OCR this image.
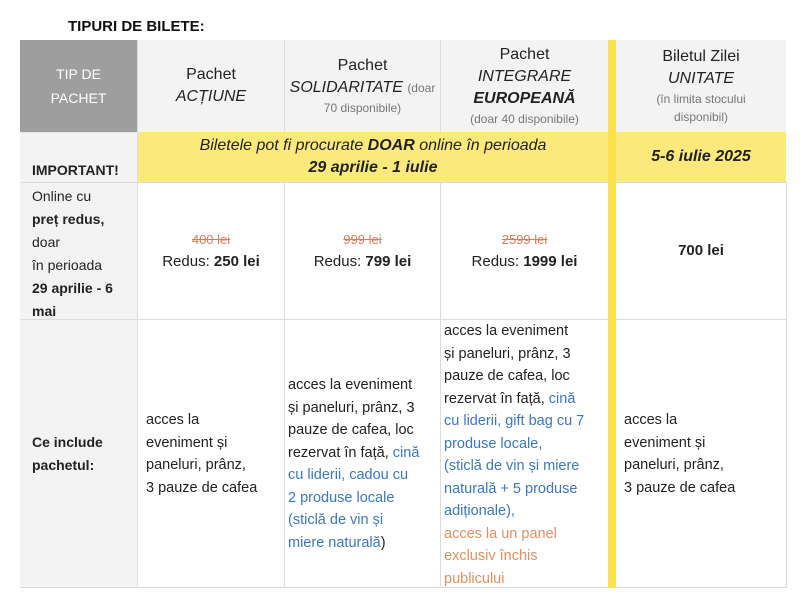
TIPURI DE BILETE:
TIP DE
PACHET
Pachet
ACȚIUNE
Pachet
SOLIDARITATE (doar
70 disponibile)
Pachet
INTEGRARE
EUROPEANĂ
(doar 40 disponibile)
Biletul Zilei
UNITATE
(în limita stocului
disponibil)
IMPORTANT!
Biletele pot fi procurate DOAR online în perioada
29 aprilie - 1 iulie
5-6 iulie 2025
Online cu
preț redus,
doar
în perioada
29 aprilie - 6
mai
400 lei
Redus: 250 lei
999 lei
Redus: 799 lei
2599 lei
Redus: 1999 lei
700 lei
Ce include
pachetul:
acces la
eveniment și
paneluri, prânz,
3 pauze de cafea
acces la eveniment
și paneluri, prânz, 3
pauze de cafea, loc
rezervat în față, cină
cu liderii, cadou cu
2 produse locale
(sticlă de vin și
miere naturală)
acces la eveniment
și paneluri, prânz, 3
pauze de cafea, loc
rezervat în față, cină
cu liderii, gift bag cu 7
produse locale,
(sticlă de vin și miere
naturală + 5 produse
adiționale),
acces la un panel
exclusiv închis
publicului
acces la
eveniment și
paneluri, prânz,
3 pauze de cafea
